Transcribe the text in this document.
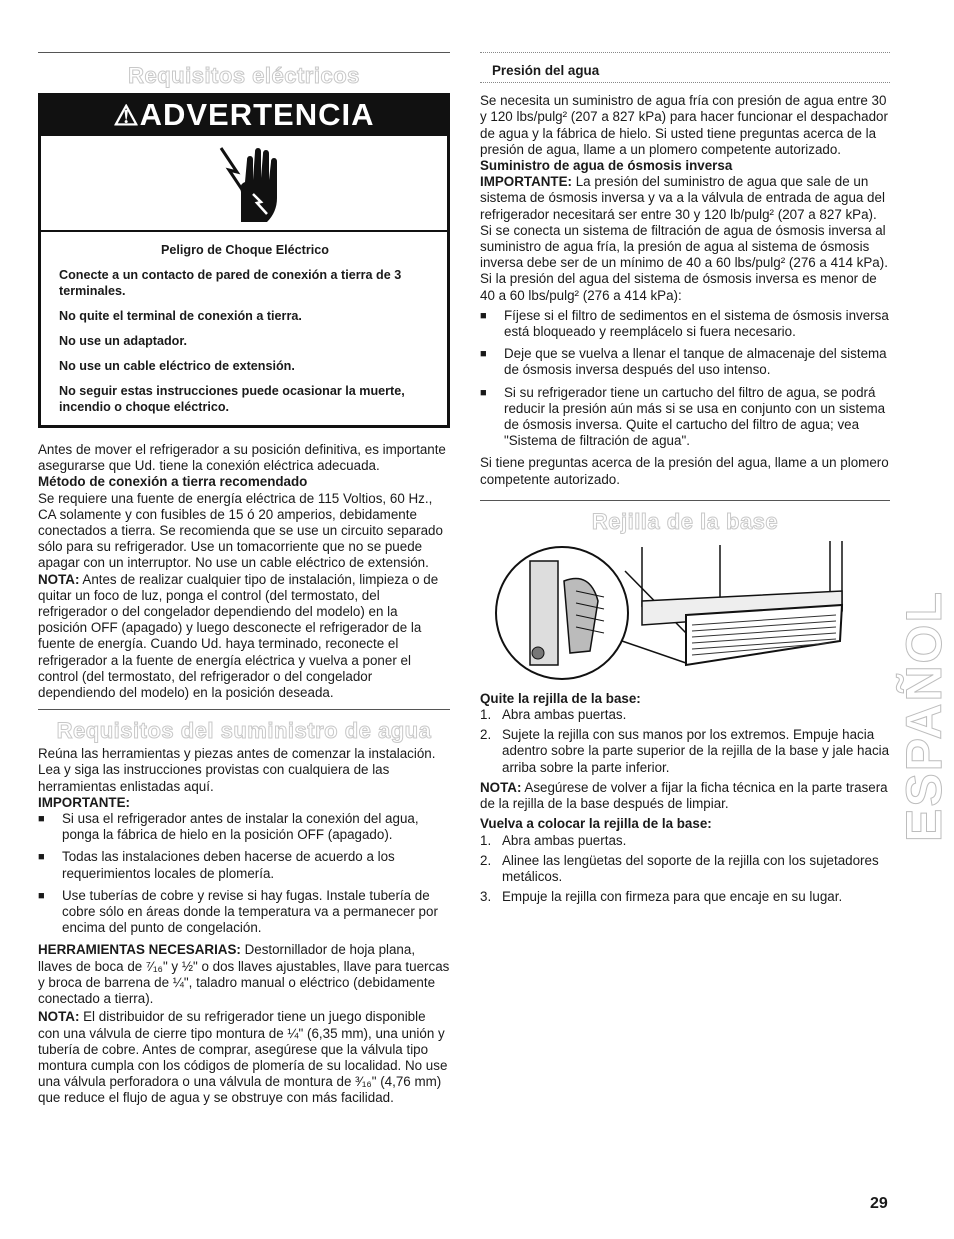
Requisitos eléctricos
⚠ADVERTENCIA

Peligro de Choque Eléctrico

Conecte a un contacto de pared de conexión a tierra de 3 terminales.

No quite el terminal de conexión a tierra.

No use un adaptador.

No use un cable eléctrico de extensión.

No seguir estas instrucciones puede ocasionar la muerte, incendio o choque eléctrico.

Antes de mover el refrigerador a su posición definitiva, es importante asegurarse que Ud. tiene la conexión eléctrica adecuada.

Método de conexión a tierra recomendado

Se requiere una fuente de energía eléctrica de 115 Voltios, 60 Hz., CA solamente y con fusibles de 15 ó 20 amperios, debidamente conectados a tierra. Se recomienda que se use un circuito separado sólo para su refrigerador. Use un tomacorriente que no se puede apagar con un interruptor. No use un cable eléctrico de extensión.

NOTA: Antes de realizar cualquier tipo de instalación, limpieza o de quitar un foco de luz, ponga el control (del termostato, del refrigerador o del congelador dependiendo del modelo) en la posición OFF (apagado) y luego desconecte el refrigerador de la fuente de energía. Cuando Ud. haya terminado, reconecte el refrigerador a la fuente de energía eléctrica y vuelva a poner el control (del termostato, del refrigerador o del congelador dependiendo del modelo) en la posición deseada.

Requisitos del suministro de agua

Reúna las herramientas y piezas antes de comenzar la instalación. Lea y siga las instrucciones provistas con cualquiera de las herramientas enlistadas aquí.

IMPORTANTE:

■ Si usa el refrigerador antes de instalar la conexión del agua, ponga la fábrica de hielo en la posición OFF (apagado).

■ Todas las instalaciones deben hacerse de acuerdo a los requerimientos locales de plomería.

■ Use tuberías de cobre y revise si hay fugas. Instale tubería de cobre sólo en áreas donde la temperatura va a permanecer por encima del punto de congelación.

HERRAMIENTAS NECESARIAS: Destornillador de hoja plana, llaves de boca de ⁷⁄₁₆" y ½" o dos llaves ajustables, llave para tuercas y broca de barrena de ¼", taladro manual o eléctrico (debidamente conectado a tierra).

NOTA: El distribuidor de su refrigerador tiene un juego disponible con una válvula de cierre tipo montura de ¼" (6,35 mm), una unión y tubería de cobre. Antes de comprar, asegúrese que la válvula tipo montura cumpla con los códigos de plomería de su localidad. No use una válvula perforadora o una válvula de montura de ³⁄₁₆" (4,76 mm) que reduce el flujo de agua y se obstruye con más facilidad.

Presión del agua

Se necesita un suministro de agua fría con presión de agua entre 30 y 120 lbs/pulg² (207 a 827 kPa) para hacer funcionar el despachador de agua y la fábrica de hielo. Si usted tiene preguntas acerca de la presión de agua, llame a un plomero competente autorizado.

Suministro de agua de ósmosis inversa

IMPORTANTE: La presión del suministro de agua que sale de un sistema de ósmosis inversa y va a la válvula de entrada de agua del refrigerador necesitará ser entre 30 y 120 lb/pulg² (207 a 827 kPa).

Si se conecta un sistema de filtración de agua de ósmosis inversa al suministro de agua fría, la presión de agua al sistema de ósmosis inversa debe ser de un mínimo de 40 a 60 lbs/pulg² (276 a 414 kPa).

Si la presión del agua del sistema de ósmosis inversa es menor de 40 a 60 lbs/pulg² (276 a 414 kPa):

■ Fíjese si el filtro de sedimentos en el sistema de ósmosis inversa está bloqueado y reemplácelo si fuera necesario.

■ Deje que se vuelva a llenar el tanque de almacenaje del sistema de ósmosis inversa después del uso intenso.

■ Si su refrigerador tiene un cartucho del filtro de agua, se podrá reducir la presión aún más si se usa en conjunto con un sistema de ósmosis inversa. Quite el cartucho del filtro de agua; vea "Sistema de filtración de agua".

Si tiene preguntas acerca de la presión del agua, llame a un plomero competente autorizado.

Rejilla de la base
Quite la rejilla de la base:

1. Abra ambas puertas.

2. Sujete la rejilla con sus manos por los extremos. Empuje hacia adentro sobre la parte superior de la rejilla de la base y jale hacia arriba sobre la parte inferior.

NOTA: Asegúrese de volver a fijar la ficha técnica en la parte trasera de la rejilla de la base después de limpiar.

Vuelva a colocar la rejilla de la base:

1. Abra ambas puertas.

2. Alinee las lengüetas del soporte de la rejilla con los sujetadores metálicos.

3. Empuje la rejilla con firmeza para que encaje en su lugar.

ESPAÑOL
29
